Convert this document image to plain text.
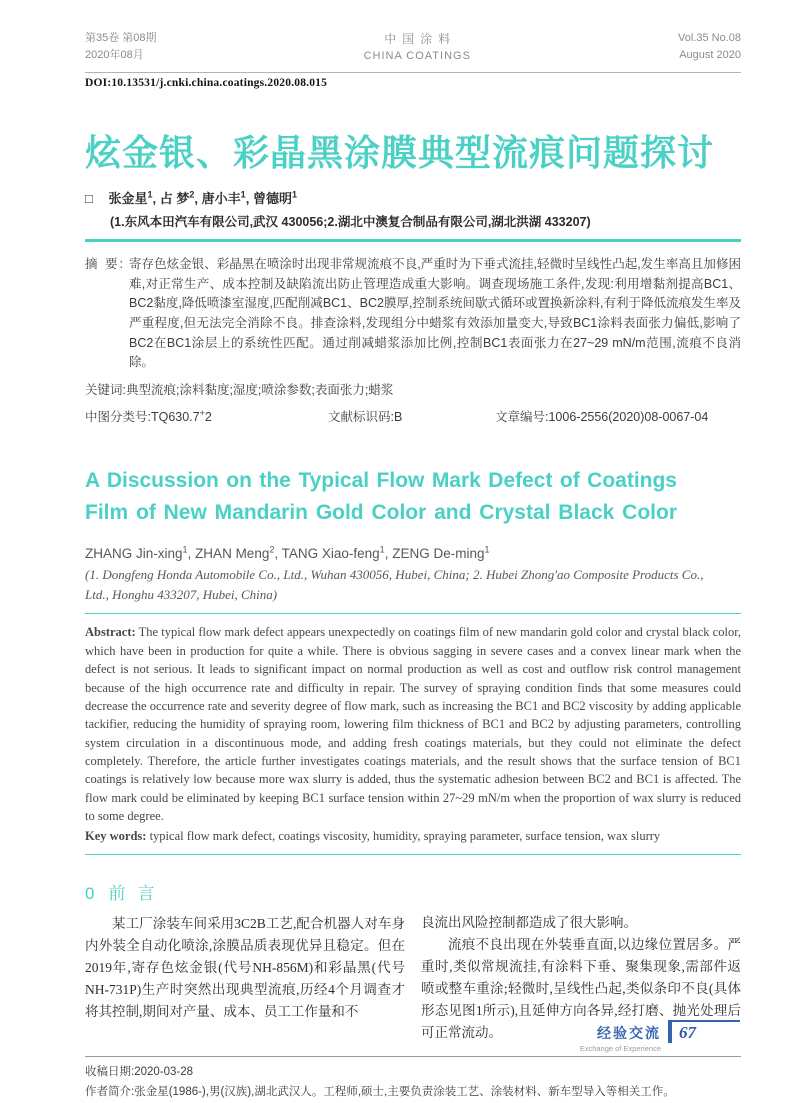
第35卷 第08期
2020年08月
中国涂料
CHINA COATINGS
Vol.35 No.08
August 2020
DOI:10.13531/j.cnki.china.coatings.2020.08.015
炫金银、彩晶黑涂膜典型流痕问题探讨
□ 张金星$^1$, 占 梦$^2$, 唐小丰$^1$, 曾德明$^1$
(1.东风本田汽车有限公司,武汉 430056;2.湖北中澳复合制品有限公司,湖北洪湖 433207)
摘 要: 寄存色炫金银、彩晶黑在喷涂时出现非常规流痕不良,严重时为下垂式流挂,轻微时呈线性凸起,发生率高且加修困难,对正常生产、成本控制及缺陷流出防止管理造成重大影响。调查现场施工条件,发现:利用增黏剂提高BC1、BC2黏度,降低喷漆室湿度,匹配削减BC1、BC2膜厚,控制系统间歇式循环或置换新涂料,有利于降低流痕发生率及严重程度,但无法完全消除不良。排查涂料,发现组分中蜡浆有效添加量变大,导致BC1涂料表面张力偏低,影响了BC2在BC1涂层上的系统性匹配。通过削减蜡浆添加比例,控制BC1表面张力在27~29 mN/m范围,流痕不良消除。
关键词:典型流痕;涂料黏度;湿度;喷涂参数;表面张力;蜡浆
中图分类号:TQ630.7+2	文献标识码:B	文章编号:1006-2556(2020)08-0067-04
A Discussion on the Typical Flow Mark Defect of Coatings
Film of New Mandarin Gold Color and Crystal Black Color
ZHANG Jin-xing$^1$, ZHAN Meng$^2$, TANG Xiao-feng$^1$, ZENG De-ming$^1$
(1. Dongfeng Honda Automobile Co., Ltd., Wuhan 430056, Hubei, China; 2. Hubei Zhong'ao Composite Products Co., Ltd., Honghu 433207, Hubei, China)

Abstract: The typical flow mark defect appears unexpectedly on coatings film of new mandarin gold color and crystal black color, which have been in production for quite a while. There is obvious sagging in severe cases and a convex linear mark when the defect is not serious. It leads to significant impact on normal production as well as cost and outflow risk control management because of the high occurrence rate and difficulty in repair. The survey of spraying condition finds that some measures could decrease the occurrence rate and severity degree of flow mark, such as increasing the BC1 and BC2 viscosity by adding applicable tackifier, reducing the humidity of spraying room, lowering film thickness of BC1 and BC2 by adjusting parameters, controlling system circulation in a discontinuous mode, and adding fresh coatings materials, but they could not eliminate the defect completely. Therefore, the article further investigates coatings materials, and the result shows that the surface tension of BC1 coatings is relatively low because more wax slurry is added, thus the systematic adhesion between BC2 and BC1 is affected. The flow mark could be eliminated by keeping BC1 surface tension within 27~29 mN/m when the proportion of wax slurry is reduced to some degree.

Key words: typical flow mark defect, coatings viscosity, humidity, spraying parameter, surface tension, wax slurry

0 前言

某工厂涂装车间采用3C2B工艺,配合机器人对车身内外装全自动化喷涂,涂膜品质表现优异且稳定。但在2019年,寄存色炫金银(代号NH-856M)和彩晶黑(代号NH-731P)生产时突然出现典型流痕,历经4个月调查才将其控制,期间对产量、成本、员工工作量和不

良流出风险控制都造成了很大影响。

流痕不良出现在外装垂直面,以边缘位置居多。严重时,类似常规流挂,有涂料下垂、聚集现象,需部件返喷或整车重涂;轻微时,呈线性凸起,类似条印不良(具体形态见图1所示),且延伸方向各异,经打磨、抛光处理后可正常流动。

收稿日期:2020-03-28
作者简介:张金星(1986-),男(汉族),湖北武汉人。工程师,硕士,主要负责涂装工艺、涂装材料、新车型导入等相关工作。
经验交流
Exchange of Experience
67
